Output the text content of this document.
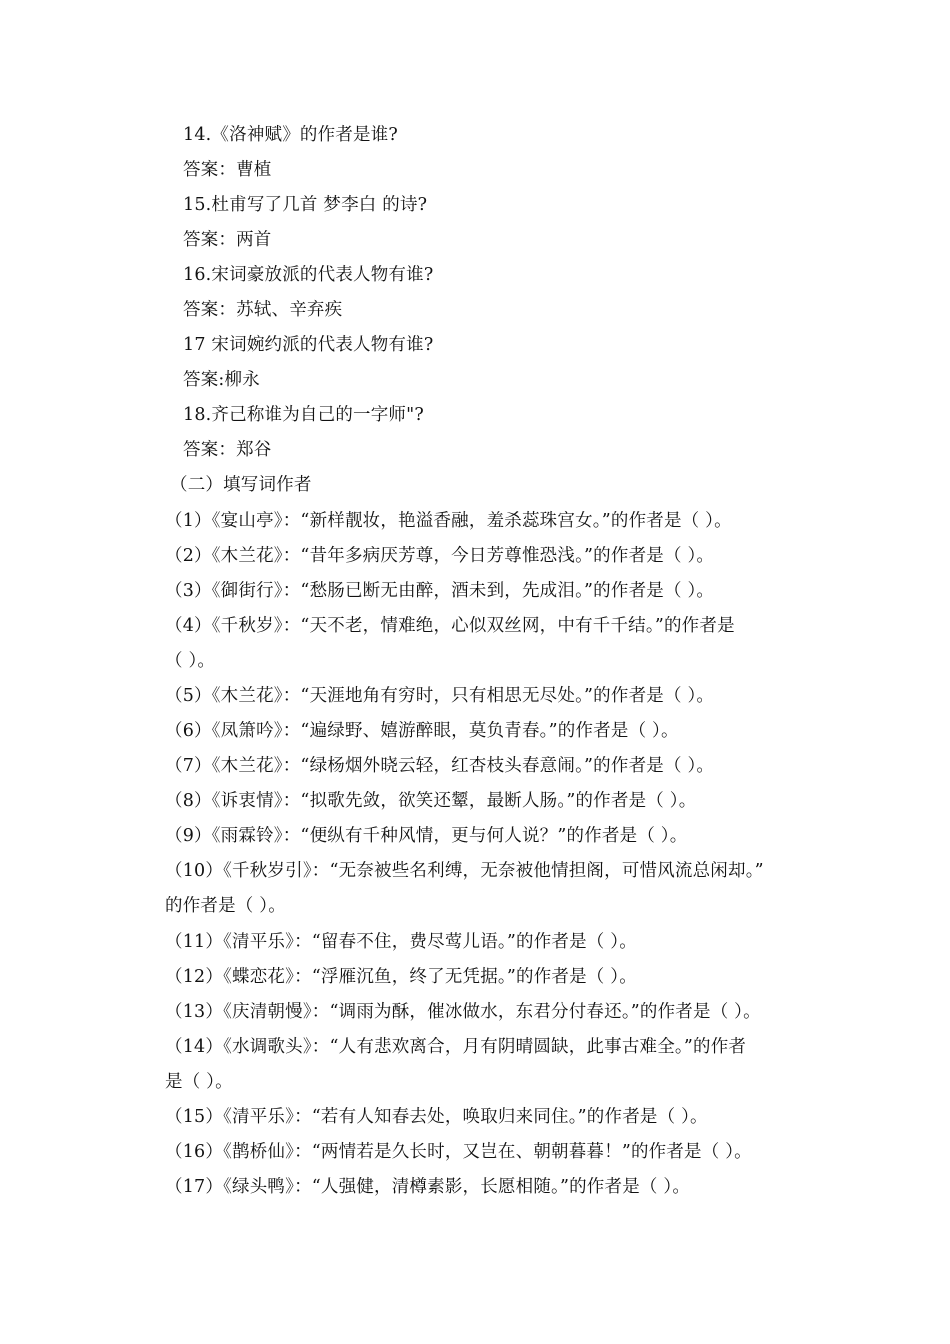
14.《洛神赋》的作者是谁?
答案：曹植
15.杜甫写了几首 梦李白 的诗?
答案：两首
16.宋词豪放派的代表人物有谁?
答案：苏轼、辛弃疾
17 宋词婉约派的代表人物有谁?
答案:柳永
18.齐己称谁为自己的一字师"?
答案：郑谷
（二）填写词作者
（1）《宴山亭》：“新样靓妆，艳溢香融，羞杀蕊珠宫女。”的作者是（ ）。
（2）《木兰花》：“昔年多病厌芳尊，今日芳尊惟恐浅。”的作者是（ ）。
（3）《御街行》：“愁肠已断无由醉，酒未到，先成泪。”的作者是（ ）。
（4）《千秋岁》：“天不老，情难绝，心似双丝网，中有千千结。”的作者是
（ ）。
（5）《木兰花》：“天涯地角有穷时，只有相思无尽处。”的作者是（ ）。
（6）《凤箫吟》：“遍绿野、嬉游醉眼，莫负青春。”的作者是（ ）。
（7）《木兰花》：“绿杨烟外晓云轻，红杏枝头春意闹。”的作者是（ ）。
（8）《诉衷情》：“拟歌先敛，欲笑还颦，最断人肠。”的作者是（ ）。
（9）《雨霖铃》：“便纵有千种风情，更与何人说？”的作者是（ ）。
（10）《千秋岁引》：“无奈被些名利缚，无奈被他情担阁，可惜风流总闲却。”
的作者是（ ）。
（11）《清平乐》：“留春不住，费尽莺儿语。”的作者是（ ）。
（12）《蝶恋花》：“浮雁沉鱼，终了无凭据。”的作者是（ ）。
（13）《庆清朝慢》：“调雨为酥，催冰做水，东君分付春还。”的作者是（ ）。
（14）《水调歌头》：“人有悲欢离合，月有阴晴圆缺，此事古难全。”的作者
是（ ）。
（15）《清平乐》：“若有人知春去处，唤取归来同住。”的作者是（ ）。
（16）《鹊桥仙》：“两情若是久长时，又岂在、朝朝暮暮！”的作者是（ ）。
（17）《绿头鸭》：“人强健，清樽素影，长愿相随。”的作者是（ ）。
